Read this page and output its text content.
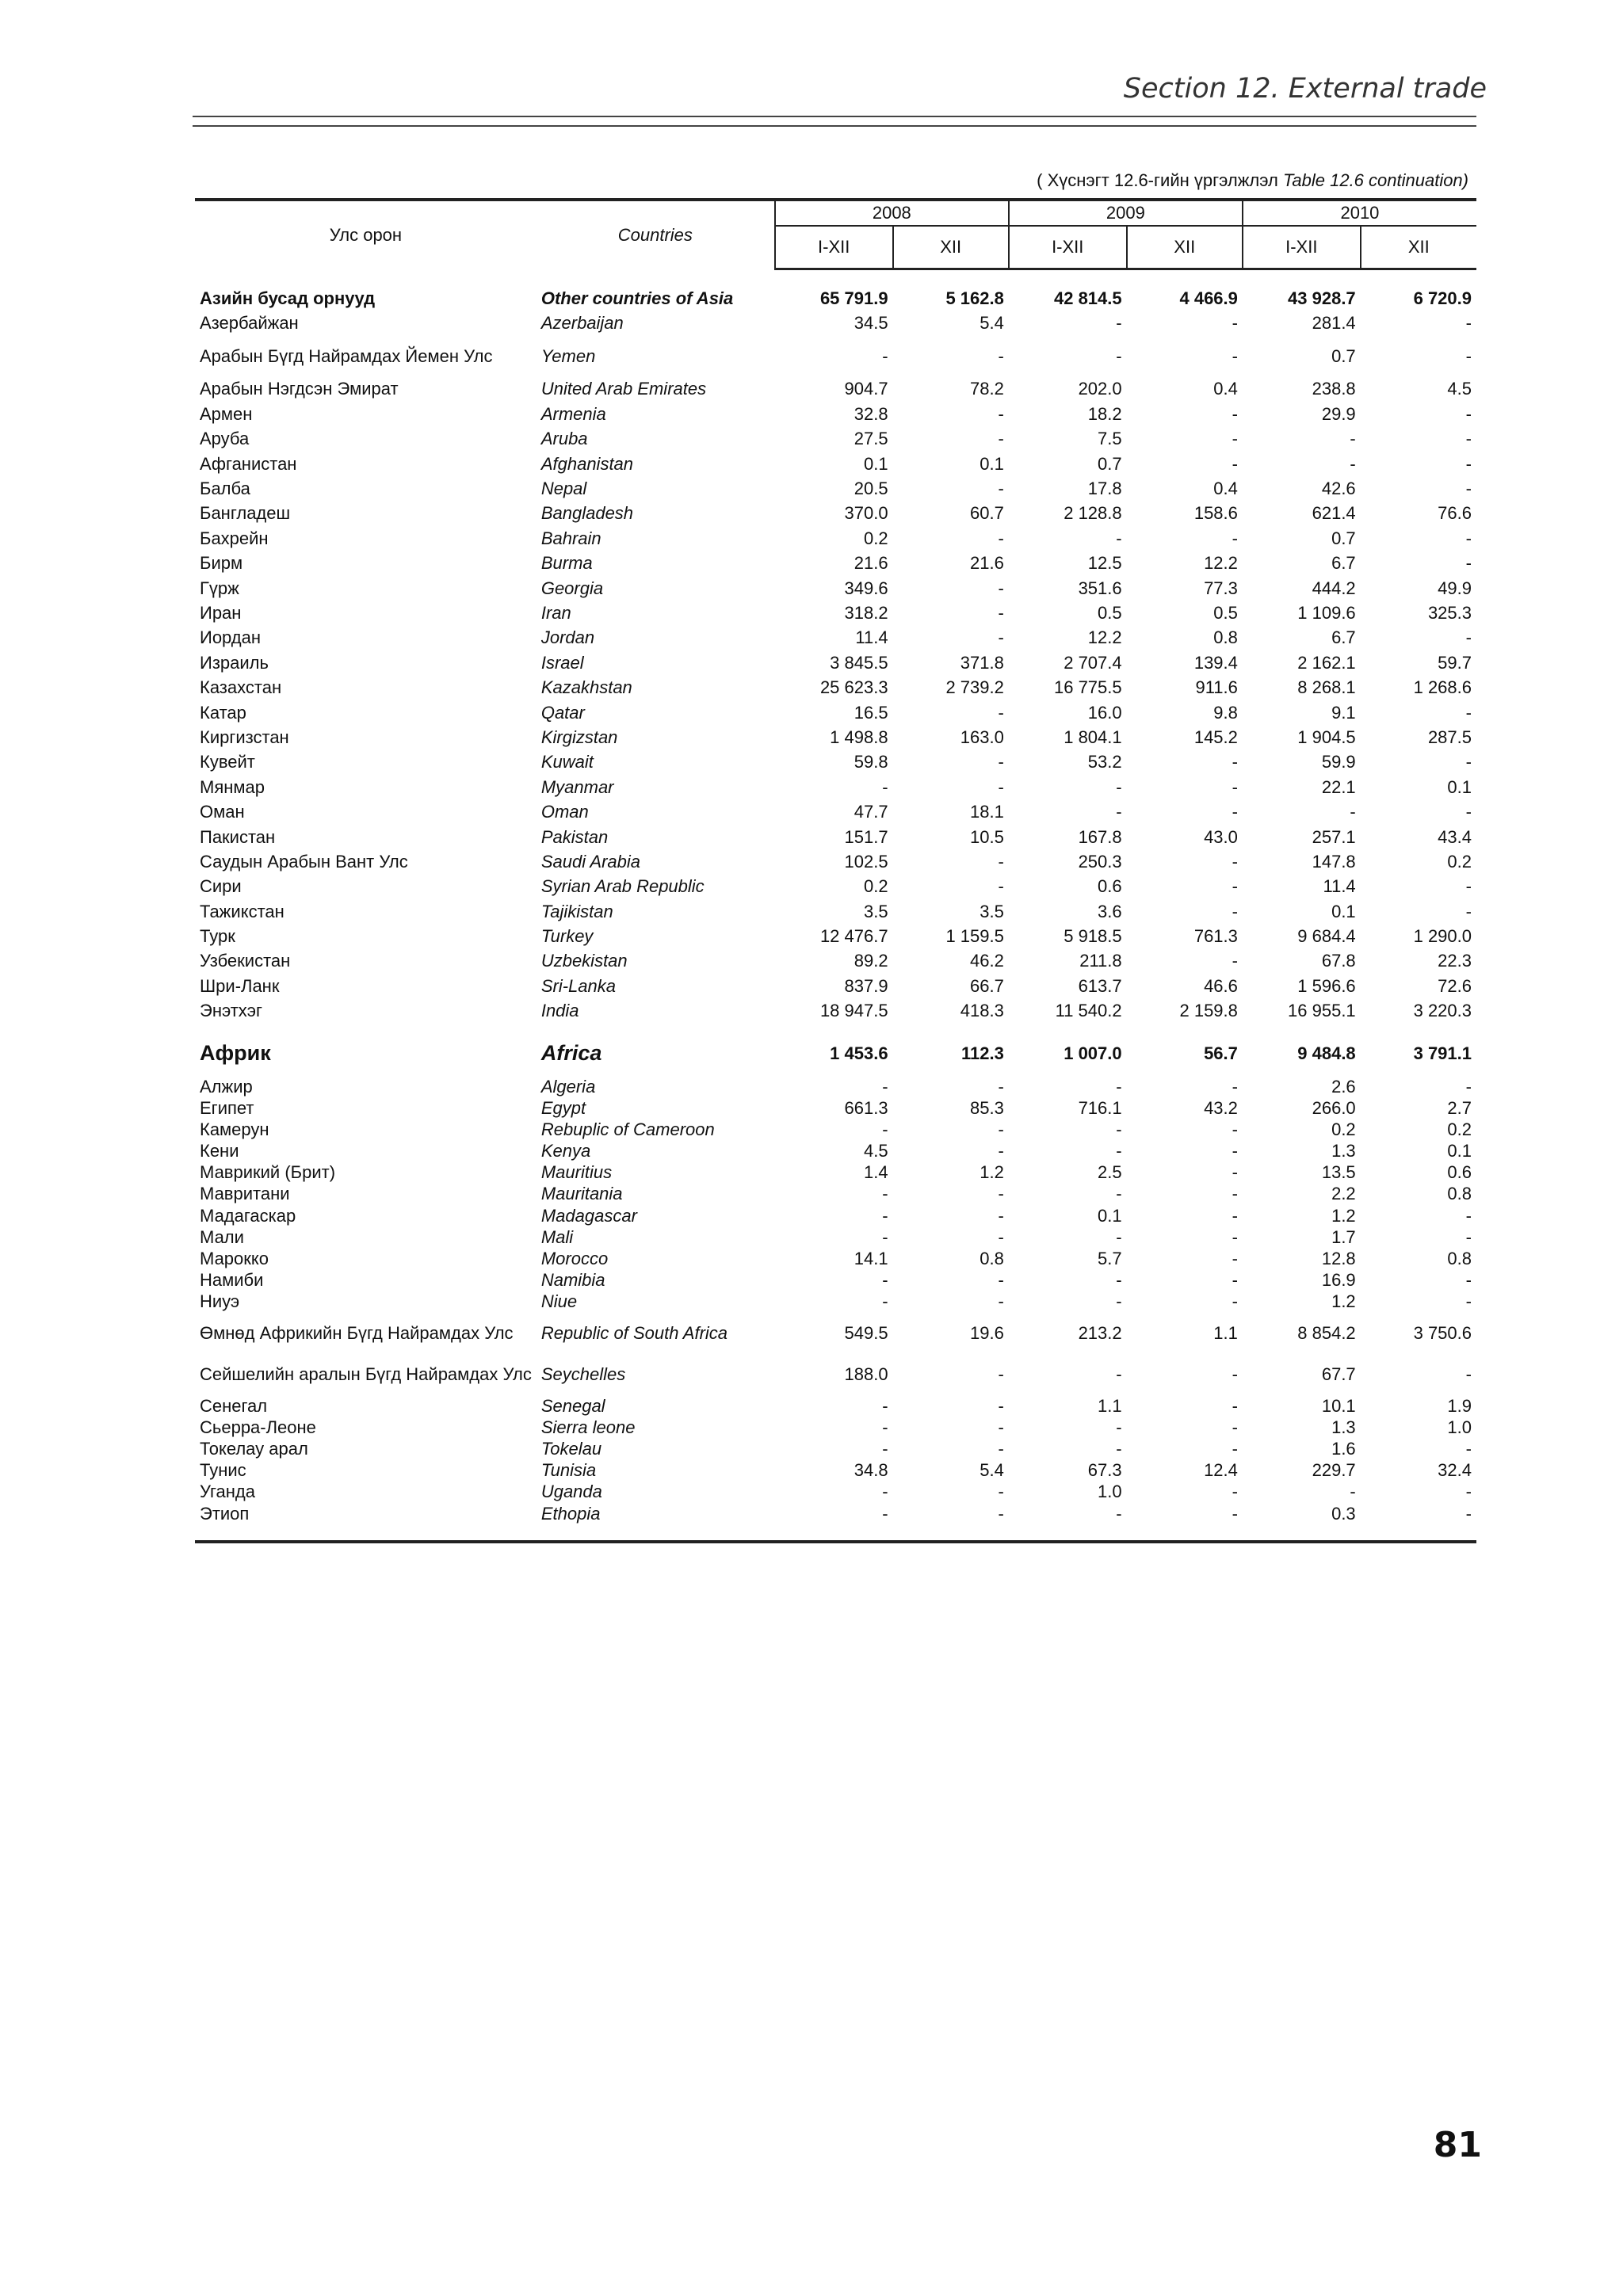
Section 12. External trade
( Хүснэгт 12.6-гийн үргэлжлэл Table 12.6 continuation)
Улс орон	Countries	2008		2009		2010	
		I-XII	XII	I-XII	XII	I-XII	XII

Азийн бусад орнууд	Other countries of Asia	65 791.9	5 162.8	42 814.5	4 466.9	43 928.7	6 720.9
Азербайжан	Azerbaijan	34.5	5.4	-	-	281.4	-
Арабын Бүгд Найрамдах Йемен Улс	Yemen	-	-	-	-	0.7	-
Арабын Нэгдсэн Эмират	United Arab Emirates	904.7	78.2	202.0	0.4	238.8	4.5
Армен	Armenia	32.8	-	18.2	-	29.9	-
Аруба	Aruba	27.5	-	7.5	-	-	-
Афганистан	Afghanistan	0.1	0.1	0.7	-	-	-
Балба	Nepal	20.5	-	17.8	0.4	42.6	-
Бангладеш	Bangladesh	370.0	60.7	2 128.8	158.6	621.4	76.6
Бахрейн	Bahrain	0.2	-	-	-	0.7	-
Бирм	Burma	21.6	21.6	12.5	12.2	6.7	-
Гүрж	Georgia	349.6	-	351.6	77.3	444.2	49.9
Иран	Iran	318.2	-	0.5	0.5	1 109.6	325.3
Иордан	Jordan	11.4	-	12.2	0.8	6.7	-
Израиль	Israel	3 845.5	371.8	2 707.4	139.4	2 162.1	59.7
Казахстан	Kazakhstan	25 623.3	2 739.2	16 775.5	911.6	8 268.1	1 268.6
Катар	Qatar	16.5	-	16.0	9.8	9.1	-
Киргизстан	Kirgizstan	1 498.8	163.0	1 804.1	145.2	1 904.5	287.5
Кувейт	Kuwait	59.8	-	53.2	-	59.9	-
Мянмар	Myanmar	-	-	-	-	22.1	0.1
Оман	Oman	47.7	18.1	-	-	-	-
Пакистан	Pakistan	151.7	10.5	167.8	43.0	257.1	43.4
Саудын Арабын Вант Улс	Saudi Arabia	102.5	-	250.3	-	147.8	0.2
Сири	Syrian Arab Republic	0.2	-	0.6	-	11.4	-
Тажикстан	Tajikistan	3.5	3.5	3.6	-	0.1	-
Турк	Turkey	12 476.7	1 159.5	5 918.5	761.3	9 684.4	1 290.0
Узбекистан	Uzbekistan	89.2	46.2	211.8	-	67.8	22.3
Шри-Ланк	Sri-Lanka	837.9	66.7	613.7	46.6	1 596.6	72.6
Энэтхэг	India	18 947.5	418.3	11 540.2	2 159.8	16 955.1	3 220.3

Африк	Africa	1 453.6	112.3	1 007.0	56.7	9 484.8	3 791.1
Алжир	Algeria	-	-	-	-	2.6	-
Египет	Egypt	661.3	85.3	716.1	43.2	266.0	2.7
Камерун	Rebuplic of Cameroon	-	-	-	-	0.2	0.2
Кени	Kenya	4.5	-	-	-	1.3	0.1
Маврикий (Брит)	Mauritius	1.4	1.2	2.5	-	13.5	0.6
Мавритани	Mauritania	-	-	-	-	2.2	0.8
Мадагаскар	Madagascar	-	-	0.1	-	1.2	-
Мали	Mali	-	-	-	-	1.7	-
Марокко	Morocco	14.1	0.8	5.7	-	12.8	0.8
Намиби	Namibia	-	-	-	-	16.9	-
Ниуэ	Niue	-	-	-	-	1.2	-
Өмнөд Африкийн Бүгд Найрамдах Улс	Republic of South Africa	549.5	19.6	213.2	1.1	8 854.2	3 750.6
Сейшелийн аралын Бүгд Найрамдах Улс	Seychelles	188.0	-	-	-	67.7	-
Сенегал	Senegal	-	-	1.1	-	10.1	1.9
Сьерра-Леоне	Sierra leone	-	-	-	-	1.3	1.0
Токелау арал	Tokelau	-	-	-	-	1.6	-
Тунис	Tunisia	34.8	5.4	67.3	12.4	229.7	32.4
Уганда	Uganda	-	-	1.0	-	-	-
Этиоп	Ethopia	-	-	-	-	0.3	-

81
